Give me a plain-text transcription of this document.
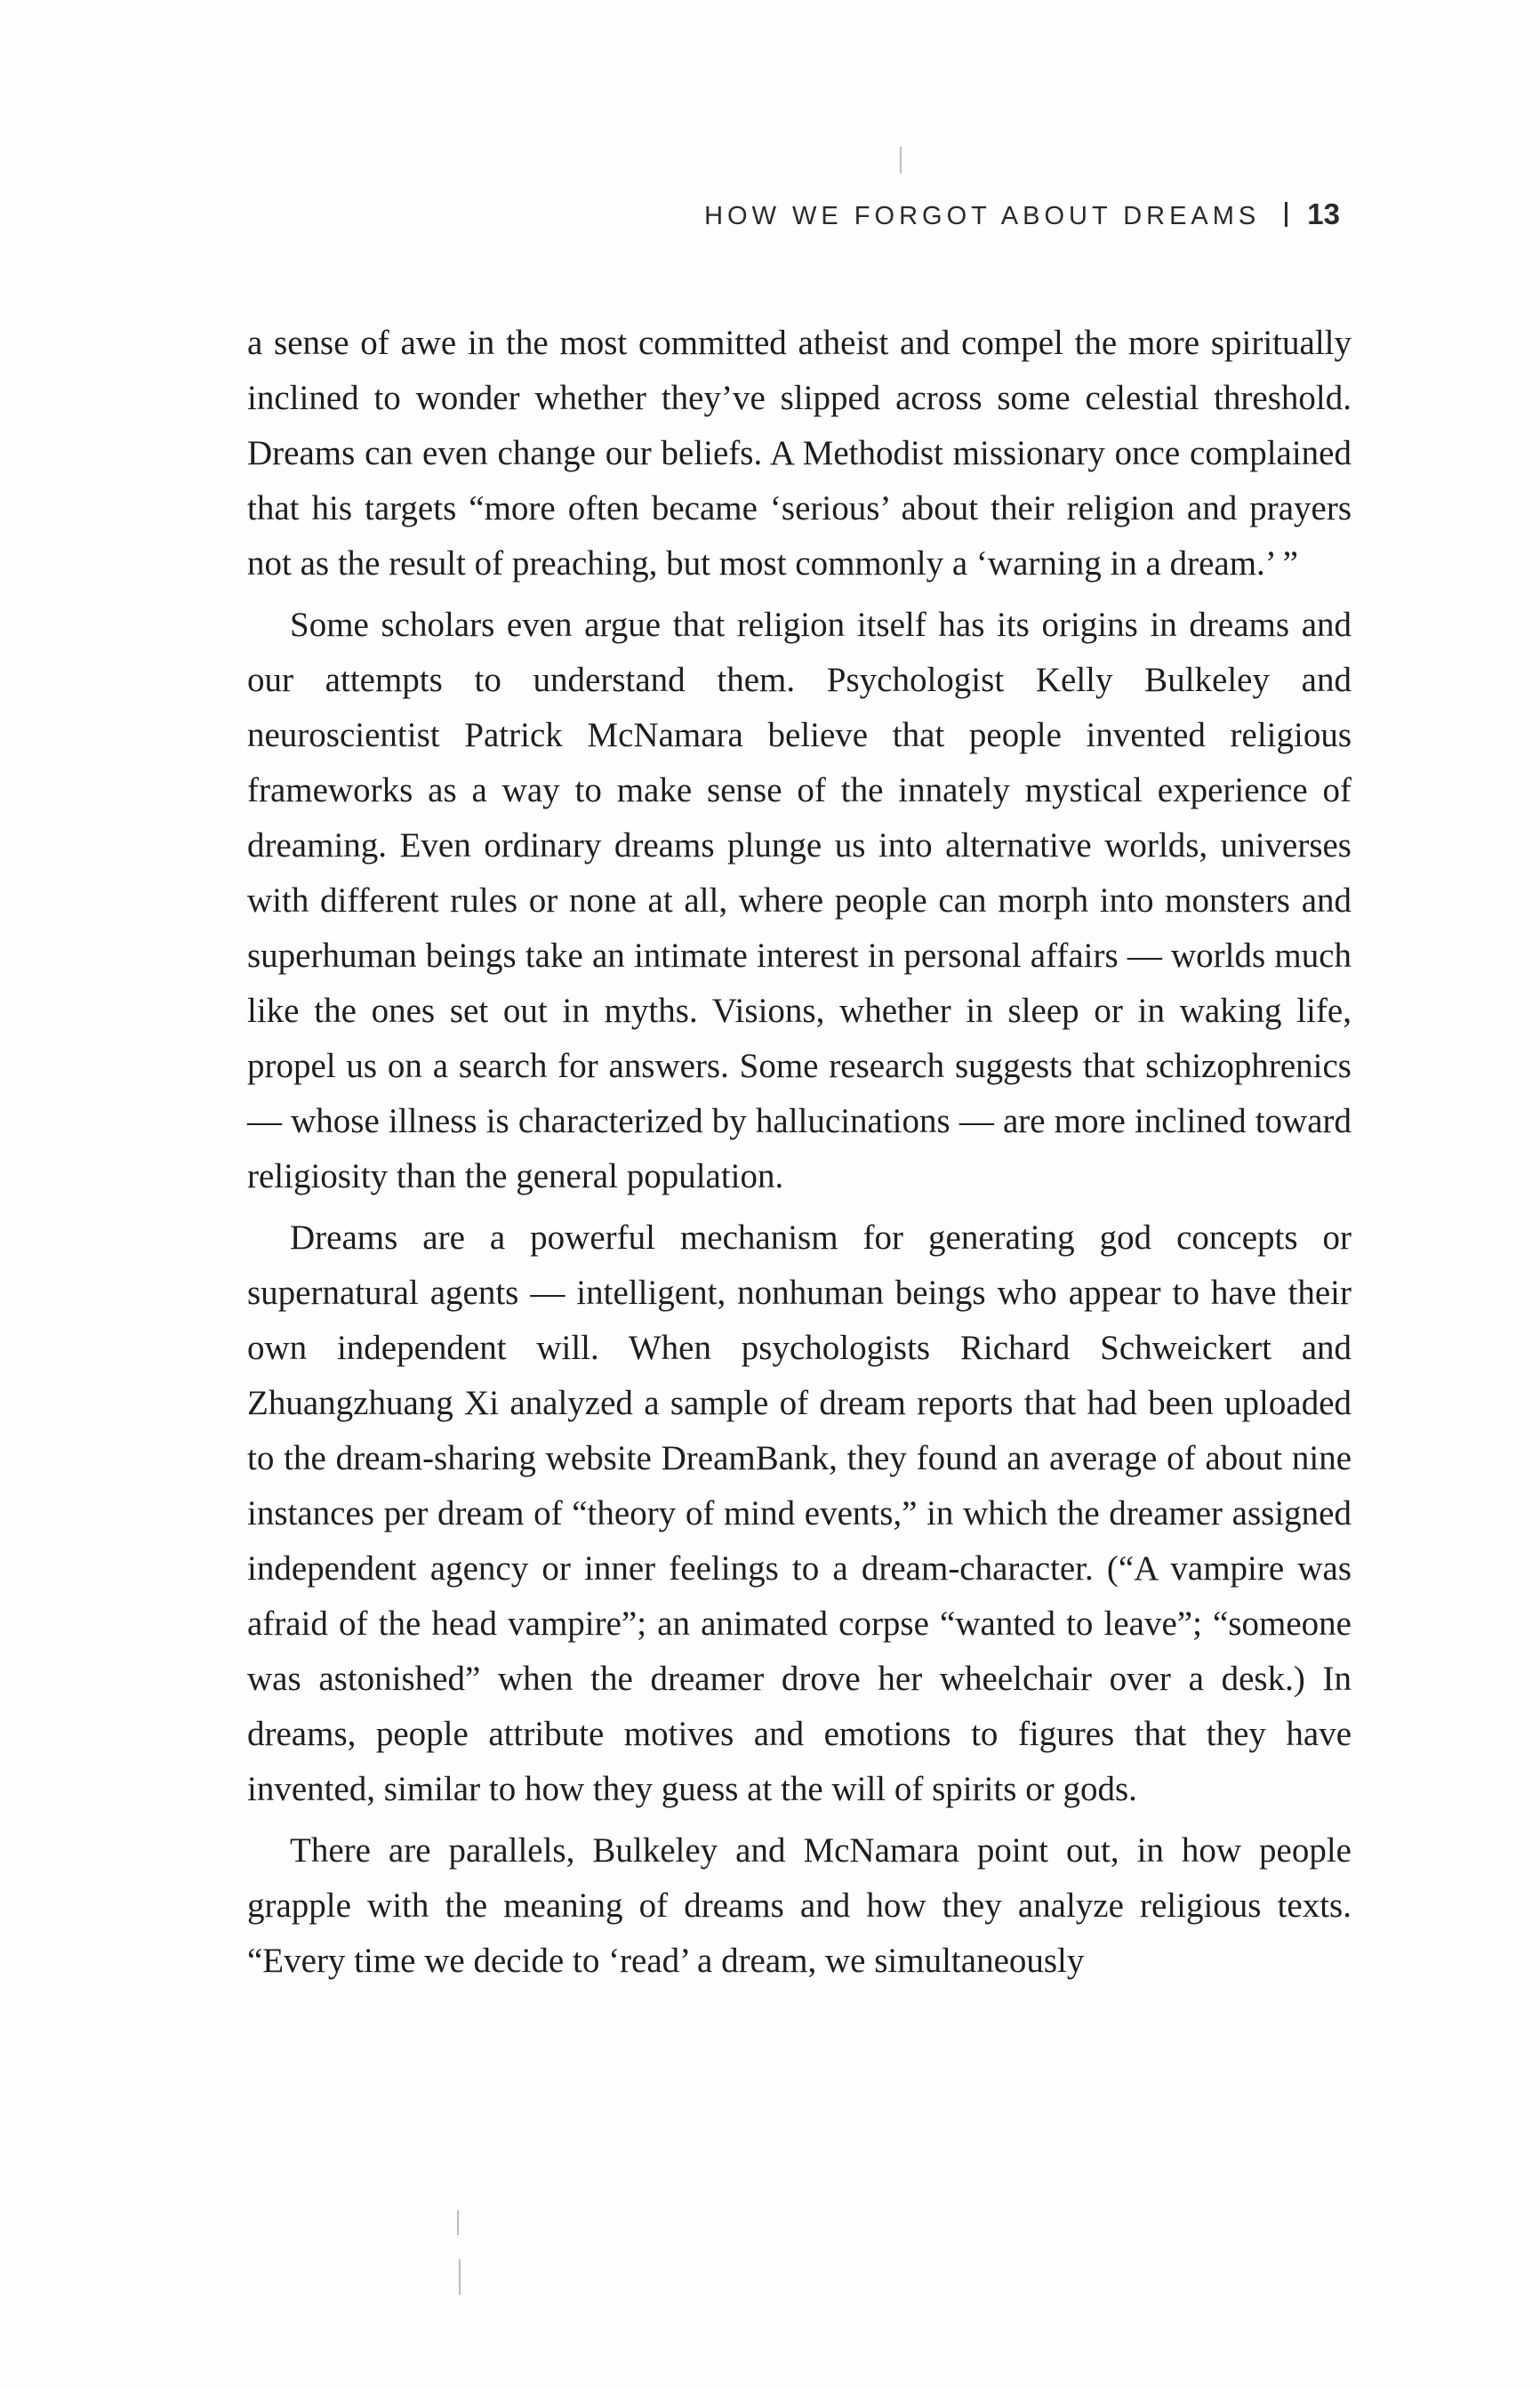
HOW WE FORGOT ABOUT DREAMS 13

a sense of awe in the most committed atheist and compel the more spiritually inclined to wonder whether they’ve slipped across some celestial threshold. Dreams can even change our beliefs. A Methodist missionary once complained that his targets “more often became ‘serious’ about their religion and prayers not as the result of preaching, but most commonly a ‘warning in a dream.’ ”

Some scholars even argue that religion itself has its origins in dreams and our attempts to understand them. Psychologist Kelly Bulkeley and neuroscientist Patrick McNamara believe that people invented religious frameworks as a way to make sense of the innately mystical experience of dreaming. Even ordinary dreams plunge us into alternative worlds, universes with different rules or none at all, where people can morph into monsters and superhuman beings take an intimate interest in personal affairs — worlds much like the ones set out in myths. Visions, whether in sleep or in waking life, propel us on a search for answers. Some research suggests that schizophrenics — whose illness is characterized by hallucinations — are more inclined toward religiosity than the general population.

Dreams are a powerful mechanism for generating god concepts or supernatural agents — intelligent, nonhuman beings who appear to have their own independent will. When psychologists Richard Schweickert and Zhuangzhuang Xi analyzed a sample of dream reports that had been uploaded to the dream-sharing website DreamBank, they found an average of about nine instances per dream of “theory of mind events,” in which the dreamer assigned independent agency or inner feelings to a dream-character. (“A vampire was afraid of the head vampire”; an animated corpse “wanted to leave”; “someone was astonished” when the dreamer drove her wheelchair over a desk.) In dreams, people attribute motives and emotions to figures that they have invented, similar to how they guess at the will of spirits or gods.

There are parallels, Bulkeley and McNamara point out, in how people grapple with the meaning of dreams and how they analyze religious texts. “Every time we decide to ‘read’ a dream, we simultaneously
